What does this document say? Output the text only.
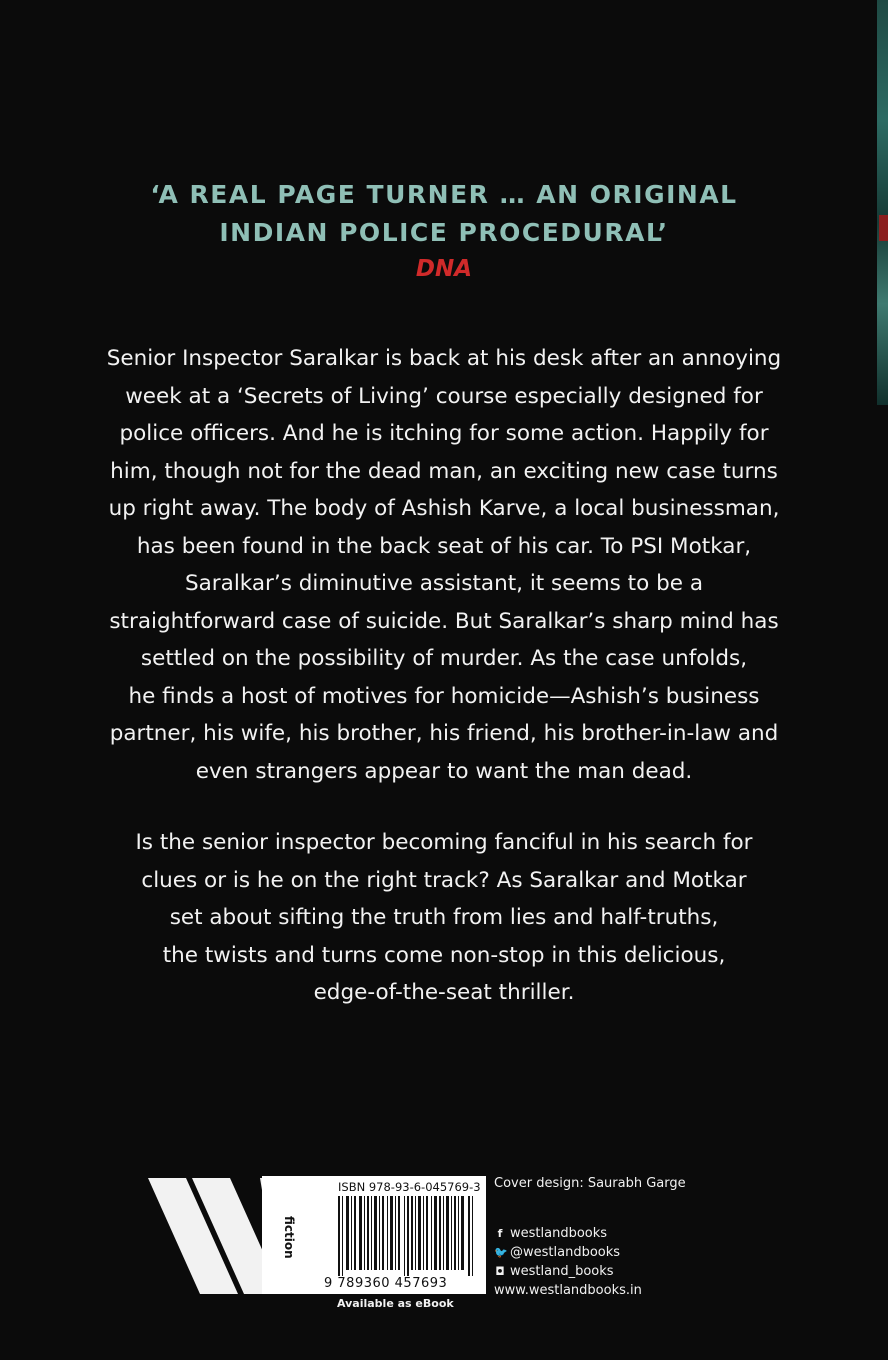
‘A REAL PAGE TURNER … AN ORIGINAL
INDIAN POLICE PROCEDURAL’
DNA

Senior Inspector Saralkar is back at his desk after an annoying
week at a ‘Secrets of Living’ course especially designed for
police officers. And he is itching for some action. Happily for
him, though not for the dead man, an exciting new case turns
up right away. The body of Ashish Karve, a local businessman,
has been found in the back seat of his car. To PSI Motkar,
Saralkar’s diminutive assistant, it seems to be a
straightforward case of suicide. But Saralkar’s sharp mind has
settled on the possibility of murder. As the case unfolds,
he finds a host of motives for homicide—Ashish’s business
partner, his wife, his brother, his friend, his brother-in-law and
even strangers appear to want the man dead.

Is the senior inspector becoming fanciful in his search for
clues or is he on the right track? As Saralkar and Motkar
set about sifting the truth from lies and half-truths,
the twists and turns come non-stop in this delicious,
edge-of-the-seat thriller.

fiction
ISBN 978-93-6-045769-3
9 789360 457693
Available as eBook
Cover design: Saurabh Garge
f westlandbooks
🐦 @westlandbooks
◘ westland_books
www.westlandbooks.in
